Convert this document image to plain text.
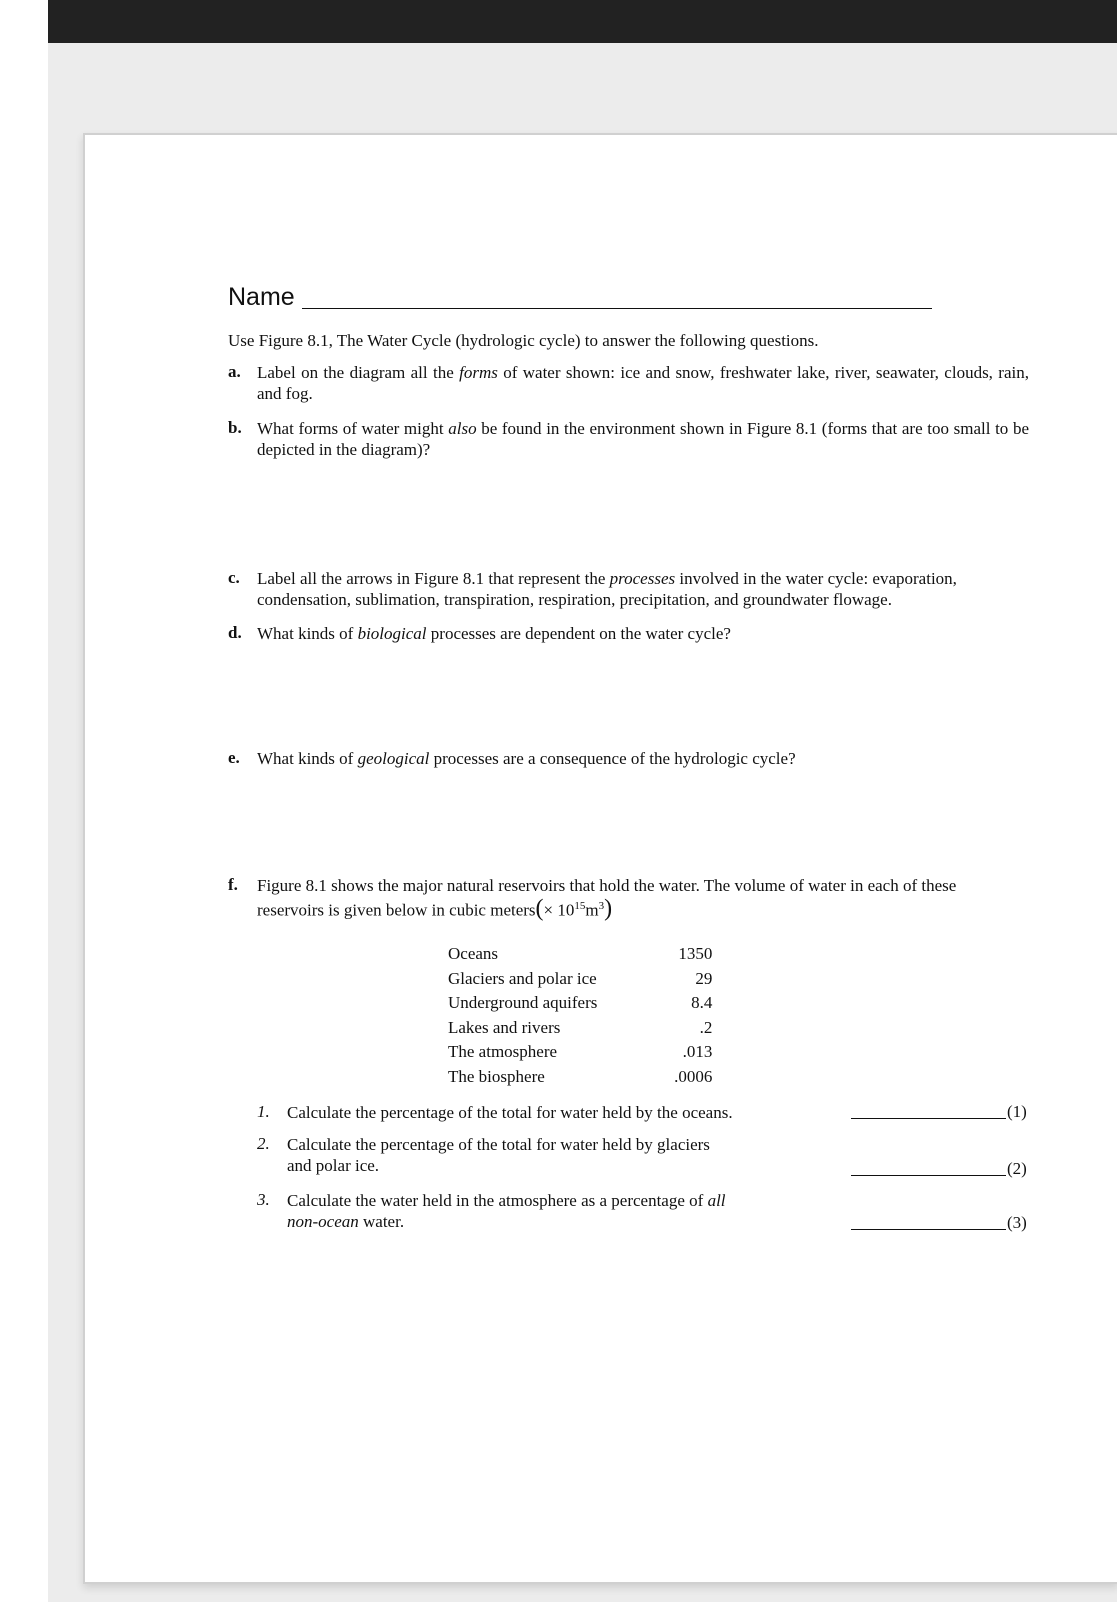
Name
Use Figure 8.1, The Water Cycle (hydrologic cycle) to answer the following questions.
a. Label on the diagram all the forms of water shown: ice and snow, freshwater lake, river, seawater, clouds, rain, and fog.
b. What forms of water might also be found in the environment shown in Figure 8.1 (forms that are too small to be depicted in the diagram)?
c. Label all the arrows in Figure 8.1 that represent the processes involved in the water cycle: evaporation, condensation, sublimation, transpiration, respiration, precipitation, and groundwater flowage.
d. What kinds of biological processes are dependent on the water cycle?
e. What kinds of geological processes are a consequence of the hydrologic cycle?
f. Figure 8.1 shows the major natural reservoirs that hold the water. The volume of water in each of these
reservoirs is given below in cubic meters(× $10^{15}m^3$)
Oceans	1350
Glaciers and polar ice	29
Underground aquifers	8.4
Lakes and rivers	.2
The atmosphere	.013
The biosphere	.0006
1. Calculate the percentage of the total for water held by the oceans.	(1)
2. Calculate the percentage of the total for water held by glaciers
and polar ice.	(2)
3. Calculate the water held in the atmosphere as a percentage of all
non-ocean water.	(3)
